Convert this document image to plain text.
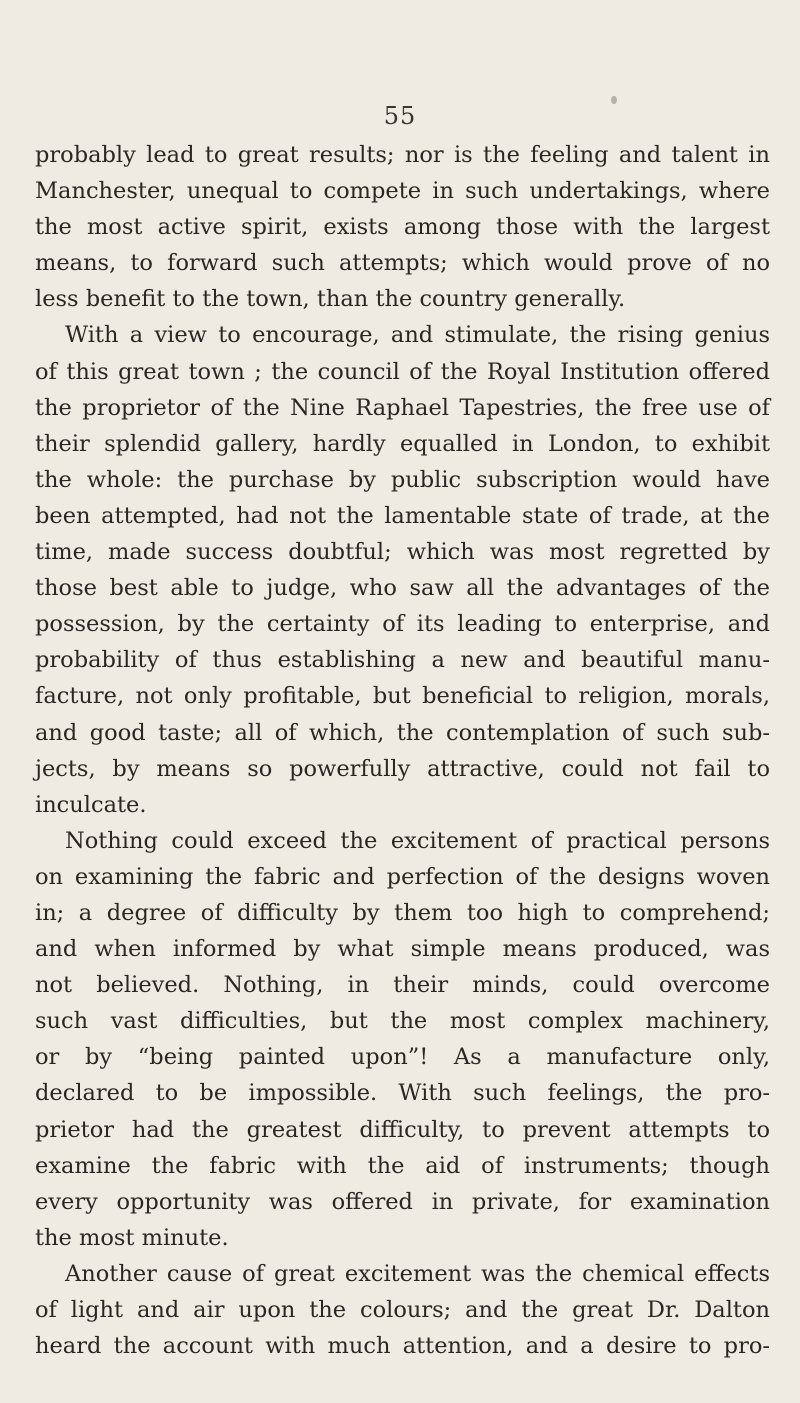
55
probably lead to great results; nor is the feeling and talent in
Manchester, unequal to compete in such undertakings, where
the most active spirit, exists among those with the largest
means, to forward such attempts; which would prove of no
less benefit to the town, than the country generally.
With a view to encourage, and stimulate, the rising genius
of this great town ; the council of the Royal Institution offered
the proprietor of the Nine Raphael Tapestries, the free use of
their splendid gallery, hardly equalled in London, to exhibit
the whole: the purchase by public subscription would have
been attempted, had not the lamentable state of trade, at the
time, made success doubtful; which was most regretted by
those best able to judge, who saw all the advantages of the
possession, by the certainty of its leading to enterprise, and
probability of thus establishing a new and beautiful manu-
facture, not only profitable, but beneficial to religion, morals,
and good taste; all of which, the contemplation of such sub-
jects, by means so powerfully attractive, could not fail to
inculcate.
Nothing could exceed the excitement of practical persons
on examining the fabric and perfection of the designs woven
in; a degree of difficulty by them too high to comprehend;
and when informed by what simple means produced, was
not believed. Nothing, in their minds, could overcome
such vast difficulties, but the most complex machinery,
or by “being painted upon”! As a manufacture only,
declared to be impossible. With such feelings, the pro-
prietor had the greatest difficulty, to prevent attempts to
examine the fabric with the aid of instruments; though
every opportunity was offered in private, for examination
the most minute.
Another cause of great excitement was the chemical effects
of light and air upon the colours; and the great Dr. Dalton
heard the account with much attention, and a desire to pro-
